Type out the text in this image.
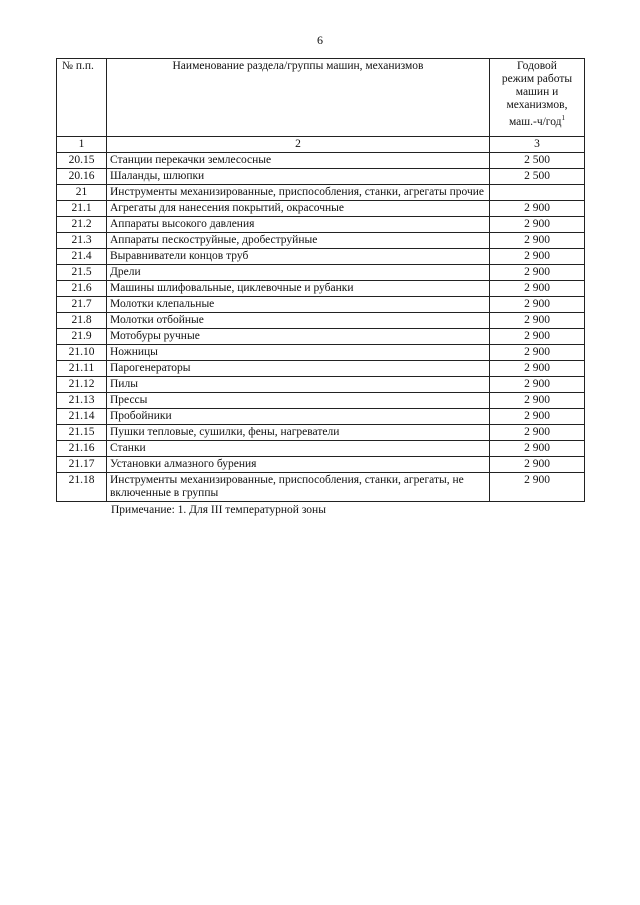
6
№ п.п.	Наименование раздела/группы машин, механизмов	Годовой
режим работы
машин и
механизмов,
маш.-ч/год$^1$
1	2	3
20.15	Станции перекачки землесосные	2 500
20.16	Шаланды, шлюпки	2 500
21	Инструменты механизированные, приспособления, станки, агрегаты прочие	
21.1	Агрегаты для нанесения покрытий, окрасочные	2 900
21.2	Аппараты высокого давления	2 900
21.3	Аппараты пескоструйные, дробеструйные	2 900
21.4	Выравниватели концов труб	2 900
21.5	Дрели	2 900
21.6	Машины шлифовальные, циклевочные и рубанки	2 900
21.7	Молотки клепальные	2 900
21.8	Молотки отбойные	2 900
21.9	Мотобуры ручные	2 900
21.10	Ножницы	2 900
21.11	Парогенераторы	2 900
21.12	Пилы	2 900
21.13	Прессы	2 900
21.14	Пробойники	2 900
21.15	Пушки тепловые, сушилки, фены, нагреватели	2 900
21.16	Станки	2 900
21.17	Установки алмазного бурения	2 900
21.18	Инструменты механизированные, приспособления, станки, агрегаты, не включенные в группы	2 900
Примечание: 1. Для III температурной зоны
